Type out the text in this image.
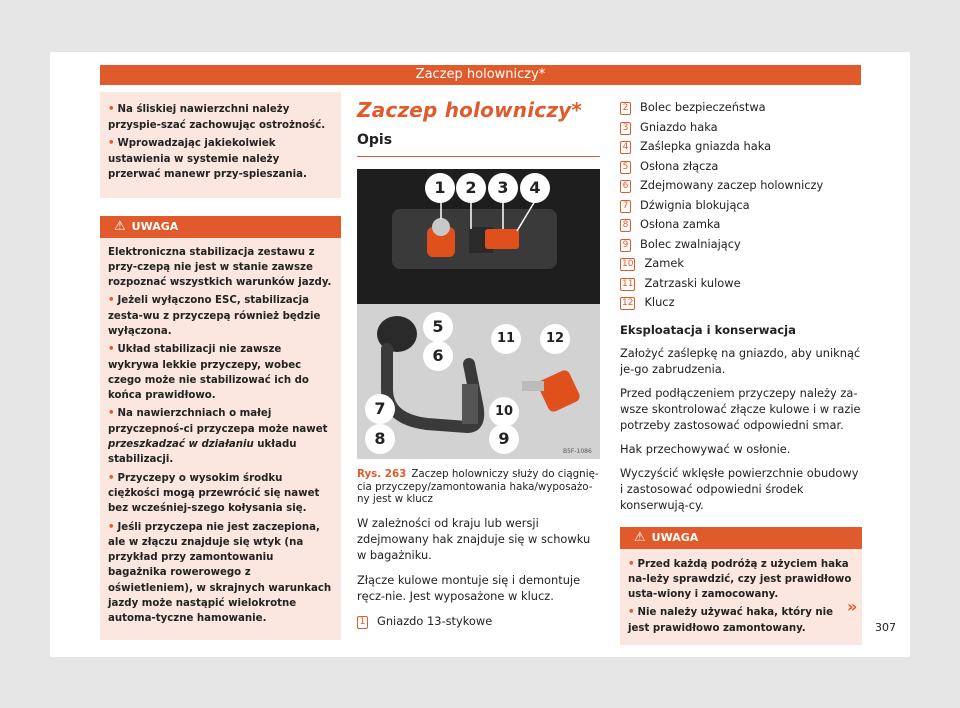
Zaczep holowniczy*

• Na śliskiej nawierzchni należy przyspie-szać zachowując ostrożność.

• Wprowadzając jakiekolwiek ustawienia w systemie należy przerwać manewr przy-spieszania.

⚠ UWAGA

Elektroniczna stabilizacja zestawu z przy-czepą nie jest w stanie zawsze rozpoznać wszystkich warunków jazdy.

• Jeżeli wyłączono ESC, stabilizacja zesta-wu z przyczepą również będzie wyłączona.

• Układ stabilizacji nie zawsze wykrywa lekkie przyczepy, wobec czego może nie stabilizować ich do końca prawidłowo.

• Na nawierzchniach o małej przyczepnoś-ci przyczepa może nawet przeszkadzać w działaniu układu stabilizacji.

• Przyczepy o wysokim środku ciężkości mogą przewrócić się nawet bez wcześniej-szego kołysania się.

• Jeśli przyczepa nie jest zaczepiona, ale w złączu znajduje się wtyk (na przykład przy zamontowaniu bagażnika rowerowego z oświetleniem), w skrajnych warunkach jazdy może nastąpić wielokrotne automa-tyczne hamowanie.

Zaczep holowniczy*
Opis
B5F-1086
1	2	3	4
5
6
11	12
7	10
8	9
Rys. 263 Zaczep holowniczy służy do ciągnię-cia przyczepy/zamontowania haka/wyposażo-ny jest w klucz

W zależności od kraju lub wersji zdejmowany hak znajduje się w schowku w bagażniku.

Złącze kulowe montuje się i demontuje ręcz-nie. Jest wyposażone w klucz.

1 Gniazdo 13-stykowe

2 Bolec bezpieczeństwa
3 Gniazdo haka
4 Zaślepka gniazda haka
5 Osłona złącza
6 Zdejmowany zaczep holowniczy
7 Dźwignia blokująca
8 Osłona zamka
9 Bolec zwalniający
10 Zamek
11 Zatrzaski kulowe
12 Klucz
Eksploatacja i konserwacja

Założyć zaślepkę na gniazdo, aby uniknąć je-go zabrudzenia.

Przed podłączeniem przyczepy należy za-wsze skontrolować złącze kulowe i w razie potrzeby zastosować odpowiedni smar.

Hak przechowywać w osłonie.

Wyczyścić wklęsłe powierzchnie obudowy i zastosować odpowiedni środek konserwują-cy.

⚠ UWAGA

• Przed każdą podróżą z użyciem haka na-leży sprawdzić, czy jest prawidłowo usta-wiony i zamocowany.

• Nie należy używać haka, który nie jest prawidłowo zamontowany.

»
307
